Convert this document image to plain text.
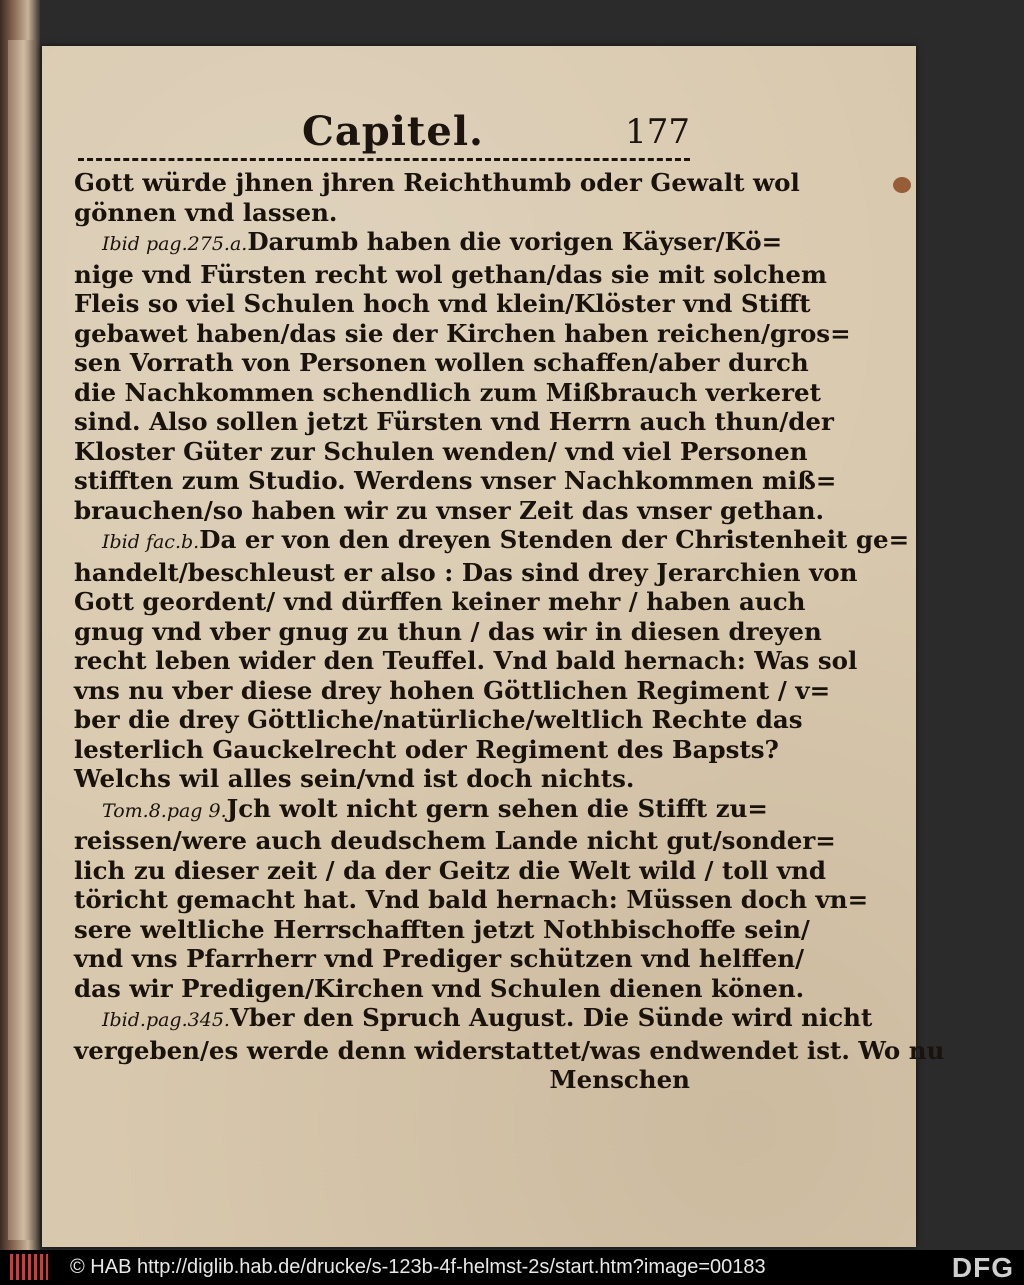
Capitel.	177
Gott würde jhnen jhren Reichthumb oder Gewalt wol
gönnen vnd lassen.
Ibid pag.275.a.Darumb haben die vorigen Käyser/Kö=
nige vnd Fürsten recht wol gethan/das sie mit solchem
Fleis so viel Schulen hoch vnd klein/Klöster vnd Stifft
gebawet haben/das sie der Kirchen haben reichen/gros=
sen Vorrath von Personen wollen schaffen/aber durch
die Nachkommen schendlich zum Mißbrauch verkeret
sind. Also sollen jetzt Fürsten vnd Herrn auch thun/der
Kloster Güter zur Schulen wenden/ vnd viel Personen
stifften zum Studio. Werdens vnser Nachkommen miß=
brauchen/so haben wir zu vnser Zeit das vnser gethan.
Ibid fac.b.Da er von den dreyen Stenden der Christenheit ge=
handelt/beschleust er also : Das sind drey Jerarchien von
Gott geordent/ vnd dürffen keiner mehr / haben auch
gnug vnd vber gnug zu thun / das wir in diesen dreyen
recht leben wider den Teuffel. Vnd bald hernach: Was sol
vns nu vber diese drey hohen Göttlichen Regiment / v=
ber die drey Göttliche/natürliche/weltlich Rechte das
lesterlich Gauckelrecht oder Regiment des Bapsts?
Welchs wil alles sein/vnd ist doch nichts.
Tom.8.pag 9.Jch wolt nicht gern sehen die Stifft zu=
reissen/were auch deudschem Lande nicht gut/sonder=
lich zu dieser zeit / da der Geitz die Welt wild / toll vnd
töricht gemacht hat. Vnd bald hernach: Müssen doch vn=
sere weltliche Herrschafften jetzt Nothbischoffe sein/
vnd vns Pfarrherr vnd Prediger schützen vnd helffen/
das wir Predigen/Kirchen vnd Schulen dienen könen.
Ibid.pag.345.Vber den Spruch August. Die Sünde wird nicht
vergeben/es werde denn widerstattet/was endwendet ist. Wo nu
Menschen
© HAB http://diglib.hab.de/drucke/s-123b-4f-helmst-2s/start.htm?image=00183	DFG
